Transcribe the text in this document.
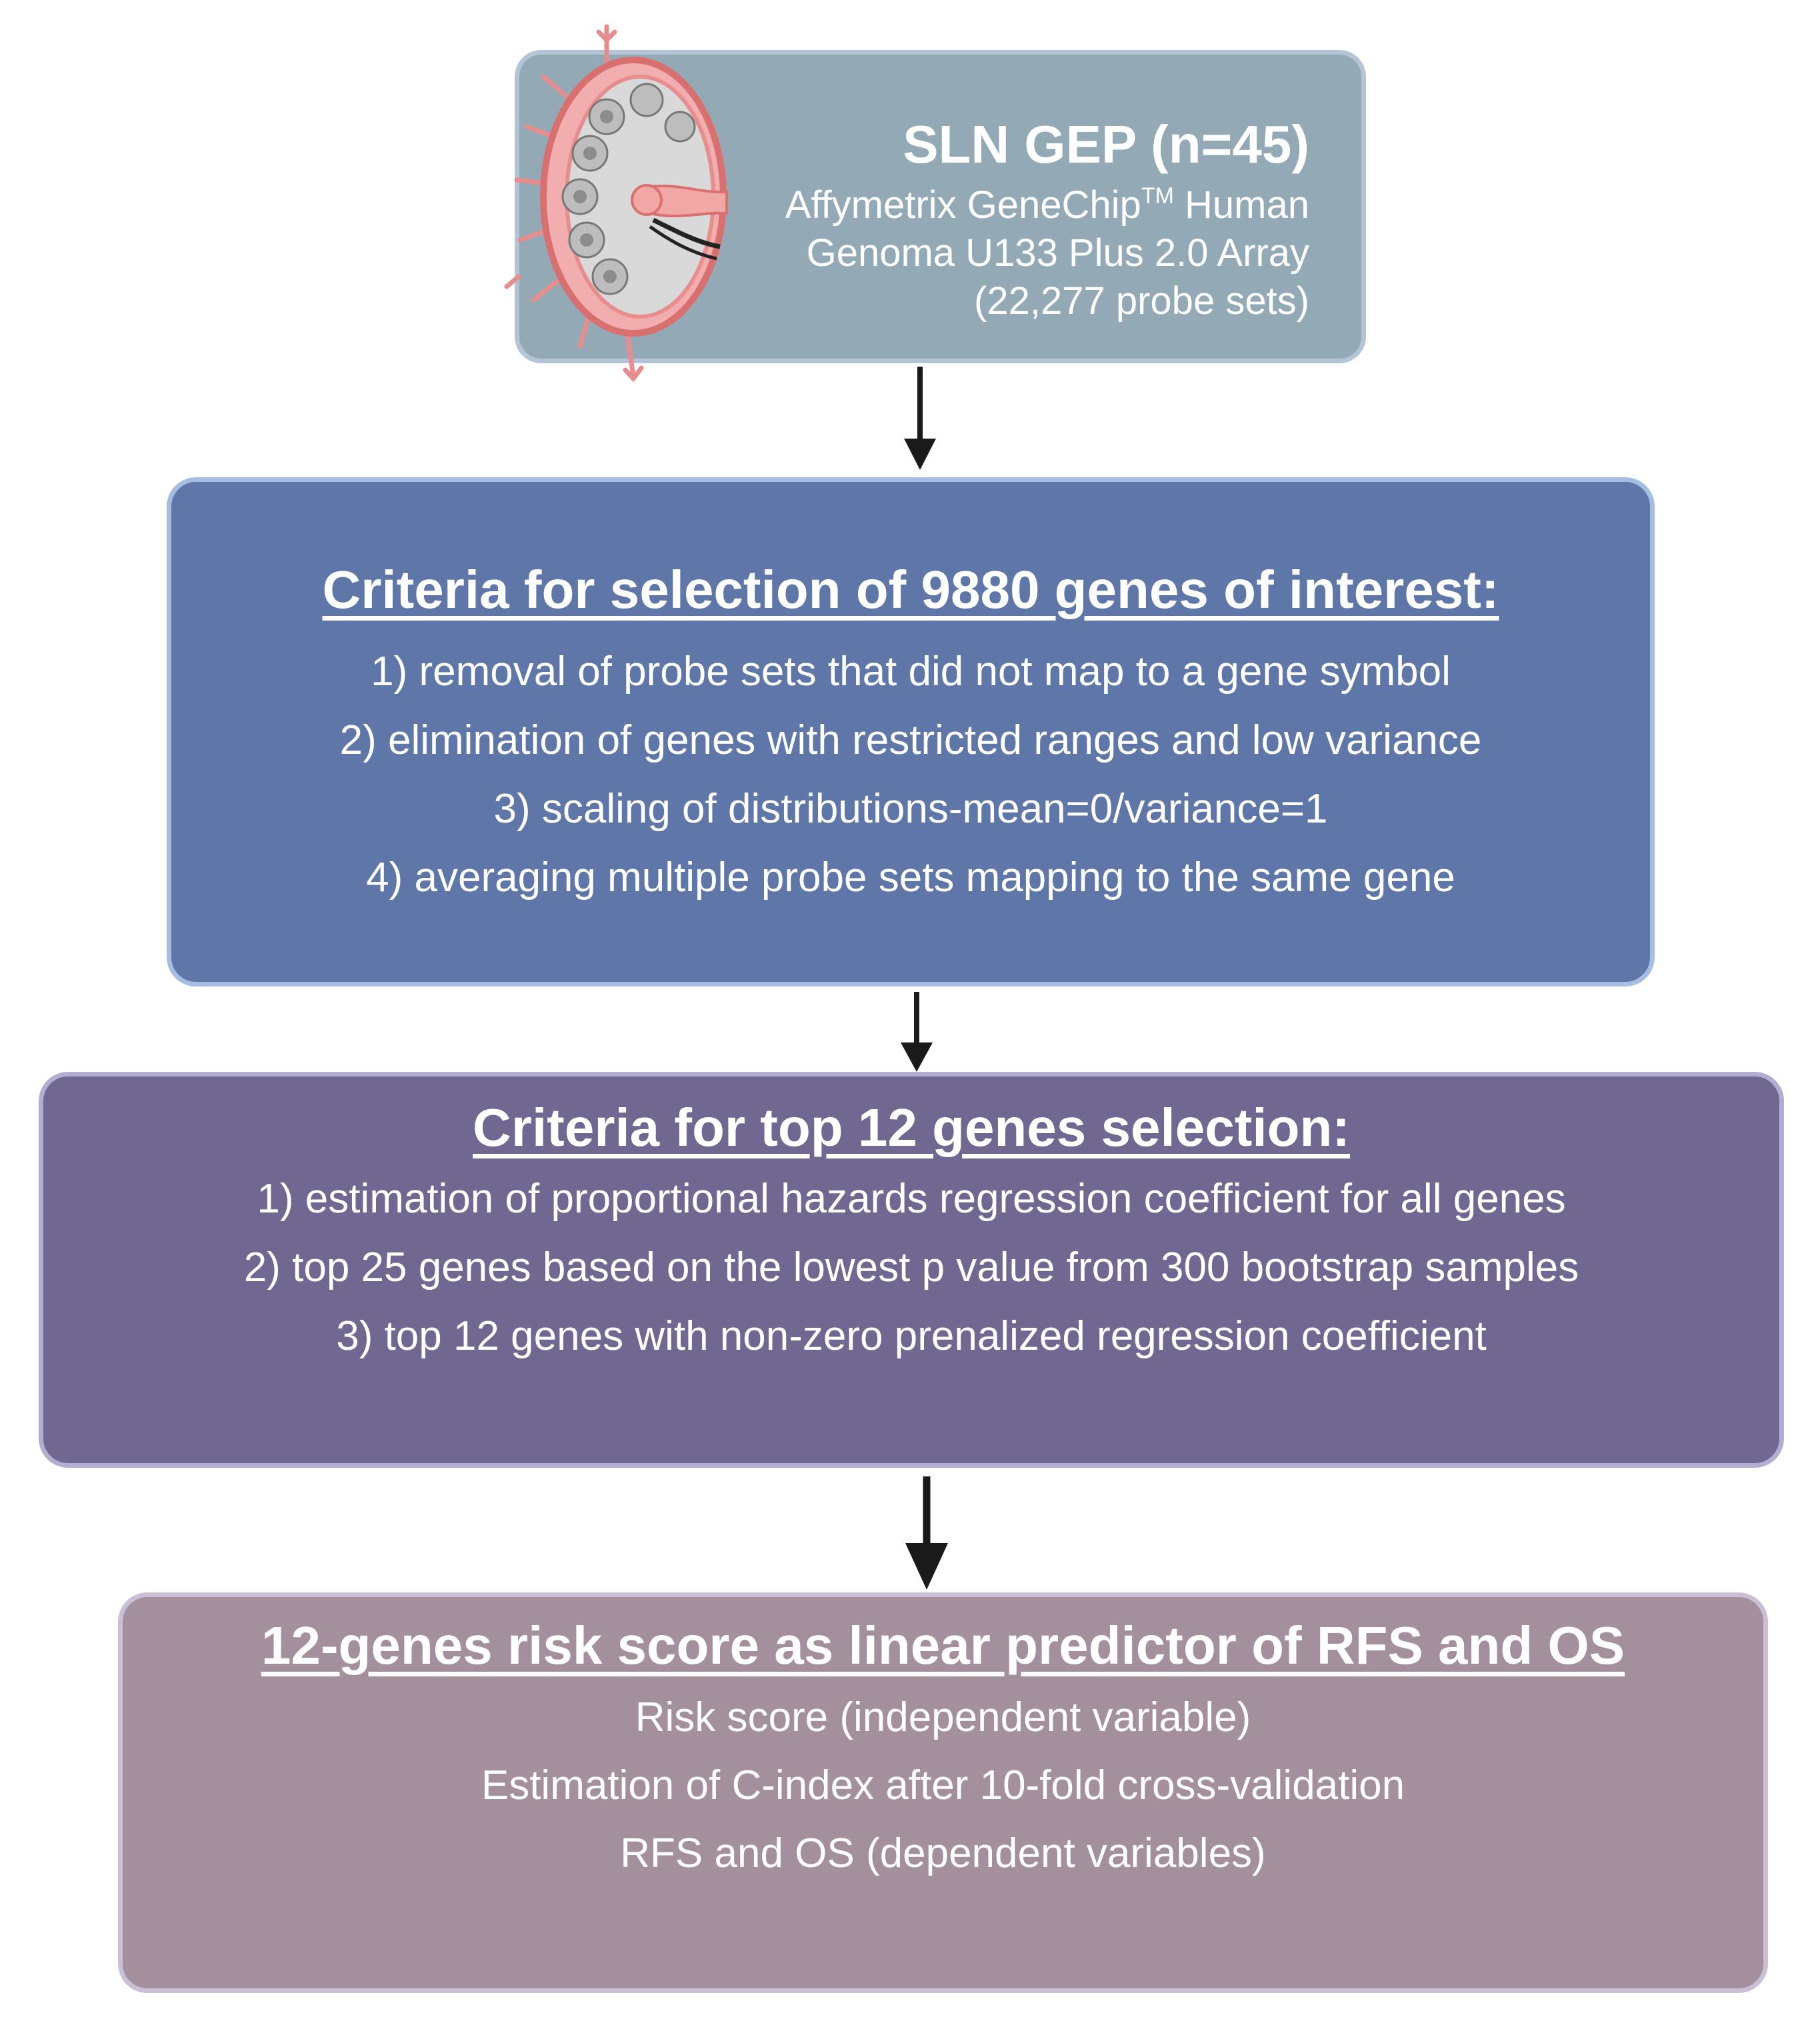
SLN GEP (n=45)
Affymetrix GeneChip™ Human
Genoma U133 Plus 2.0 Array
(22,277 probe sets)
Criteria for selection of 9880 genes of interest:
1) removal of probe sets that did not map to a gene symbol
2) elimination of genes with restricted ranges and low variance
3) scaling of distributions-mean=0/variance=1
4) averaging multiple probe sets mapping to the same gene
Criteria for top 12 genes selection:
1) estimation of proportional hazards regression coefficient for all genes
2) top 25 genes based on the lowest p value from 300 bootstrap samples
3) top 12 genes with non-zero prenalized regression coefficient
12-genes risk score as linear predictor of RFS and OS
Risk score (independent variable)
Estimation of C-index after 10-fold cross-validation
RFS and OS (dependent variables)
